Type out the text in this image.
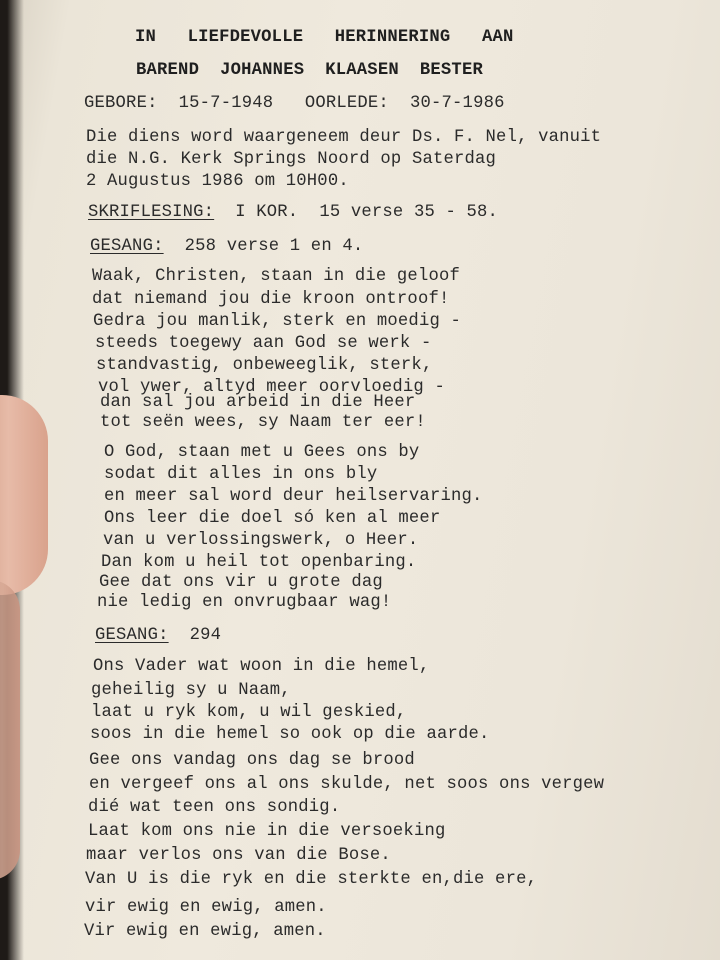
IN   LIEFDEVOLLE   HERINNERING   AAN
BAREND  JOHANNES  KLAASEN  BESTER
GEBORE: 15-7-1948 OORLEDE: 30-7-1986
Die diens word waargeneem deur Ds. F. Nel, vanuit
die N.G. Kerk Springs Noord op Saterdag
2 Augustus 1986 om 10H00.
SKRIFLESING: I KOR.  15 verse 35 - 58.
GESANG: 258 verse 1 en 4.
Waak, Christen, staan in die geloof
dat niemand jou die kroon ontroof!
Gedra jou manlik, sterk en moedig -
steeds toegewy aan God se werk -
standvastig, onbeweeglik, sterk,
vol ywer, altyd meer oorvloedig -
dan sal jou arbeid in die Heer
tot seën wees, sy Naam ter eer!
O God, staan met u Gees ons by
sodat dit alles in ons bly
en meer sal word deur heilservaring.
Ons leer die doel só ken al meer
van u verlossingswerk, o Heer.
Dan kom u heil tot openbaring.
Gee dat ons vir u grote dag
nie ledig en onvrugbaar wag!
GESANG: 294
Ons Vader wat woon in die hemel,
geheilig sy u Naam,
laat u ryk kom, u wil geskied,
soos in die hemel so ook op die aarde.
Gee ons vandag ons dag se brood
en vergeef ons al ons skulde, net soos ons vergew
dié wat teen ons sondig.
Laat kom ons nie in die versoeking
maar verlos ons van die Bose.
Van U is die ryk en die sterkte en,die ere,
vir ewig en ewig, amen.
Vir ewig en ewig, amen.
